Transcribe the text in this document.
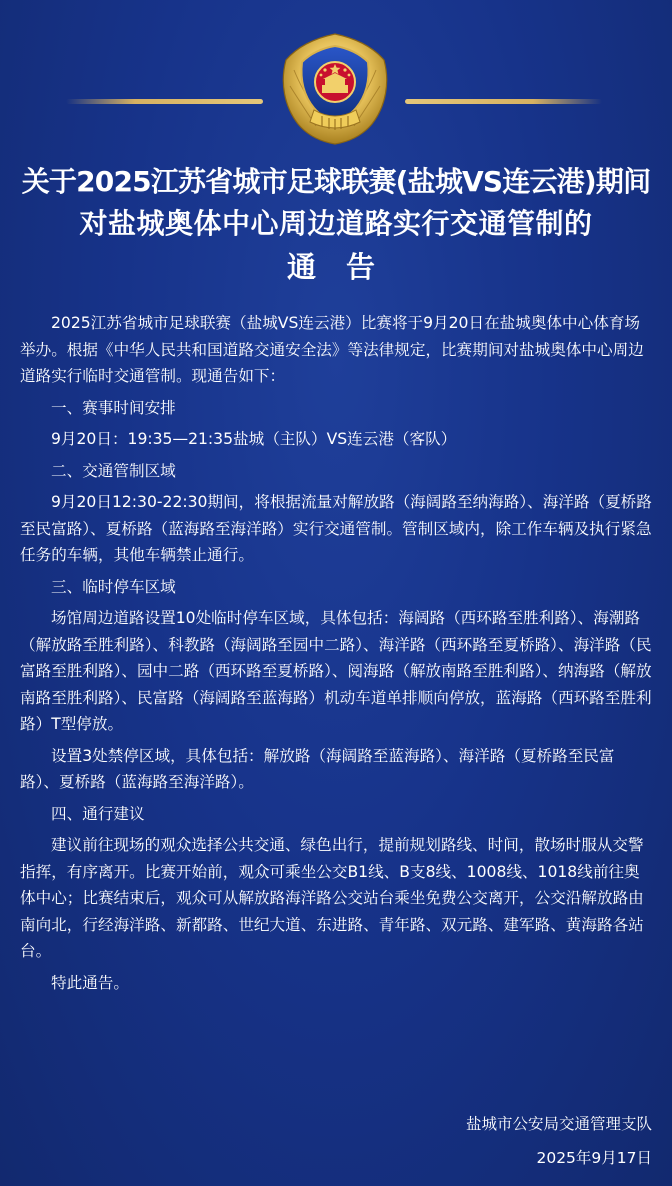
关于2025江苏省城市足球联赛(盐城VS连云港)期间
对盐城奥体中心周边道路实行交通管制的
通 告

2025江苏省城市足球联赛（盐城VS连云港）比赛将于9月20日在盐城奥体中心体育场举办。根据《中华人民共和国道路交通安全法》等法律规定，比赛期间对盐城奥体中心周边道路实行临时交通管制。现通告如下：

一、赛事时间安排

9月20日：19:35—21:35盐城（主队）VS连云港（客队）

二、交通管制区域

9月20日12:30-22:30期间，将根据流量对解放路（海阔路至纳海路）、海洋路（夏桥路至民富路）、夏桥路（蓝海路至海洋路）实行交通管制。管制区域内，除工作车辆及执行紧急任务的车辆，其他车辆禁止通行。

三、临时停车区域

场馆周边道路设置10处临时停车区域，具体包括：海阔路（西环路至胜利路）、海潮路（解放路至胜利路）、科教路（海阔路至园中二路）、海洋路（西环路至夏桥路）、海洋路（民富路至胜利路）、园中二路（西环路至夏桥路）、阅海路（解放南路至胜利路）、纳海路（解放南路至胜利路）、民富路（海阔路至蓝海路）机动车道单排顺向停放，蓝海路（西环路至胜利路）T型停放。

设置3处禁停区域，具体包括：解放路（海阔路至蓝海路）、海洋路（夏桥路至民富路）、夏桥路（蓝海路至海洋路）。

四、通行建议

建议前往现场的观众选择公共交通、绿色出行，提前规划路线、时间，散场时服从交警指挥，有序离开。比赛开始前，观众可乘坐公交B1线、B支8线、1008线、1018线前往奥体中心；比赛结束后，观众可从解放路海洋路公交站台乘坐免费公交离开，公交沿解放路由南向北，行经海洋路、新都路、世纪大道、东进路、青年路、双元路、建军路、黄海路各站台。

特此通告。

盐城市公安局交通管理支队
2025年9月17日
